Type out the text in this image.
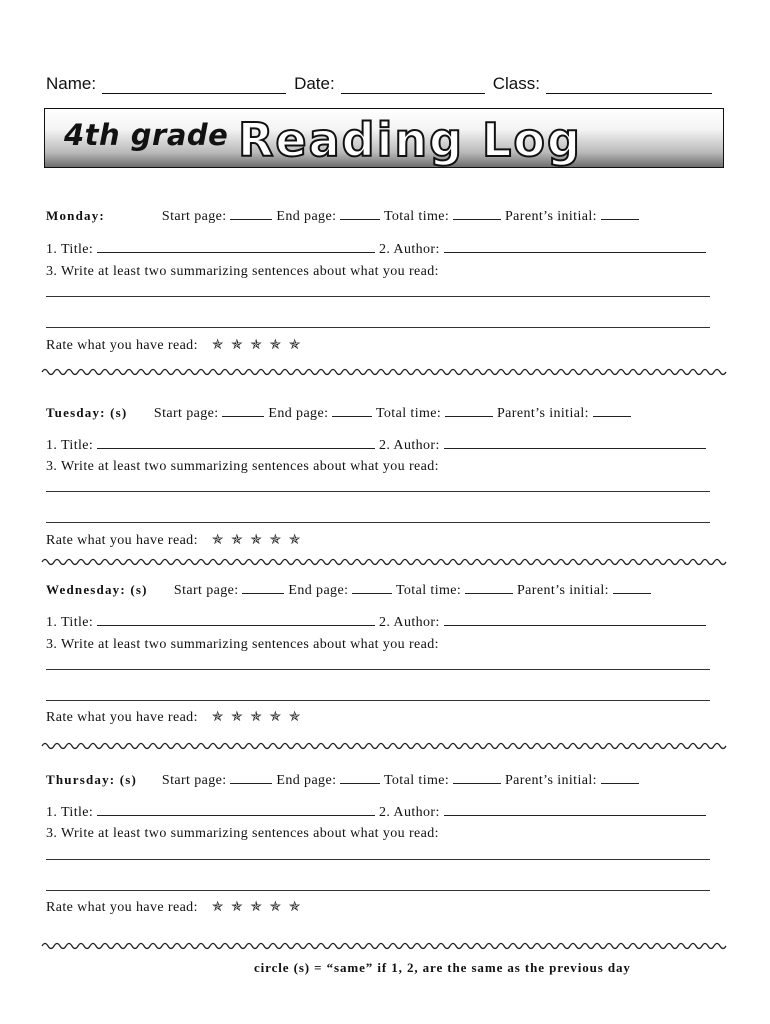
Name:	Date:	Class:
4th grade Reading Log
Monday:	Start page:	End page:	Total time:	Parent’s initial:
1. Title:	2. Author:
3. Write at least two summarizing sentences about what you read:
Rate what you have read: ✯ ✯ ✯ ✯ ✯
Tuesday: (s) Start page:	End page:	Total time:	Parent’s initial:
1. Title:	2. Author:
3. Write at least two summarizing sentences about what you read:
Rate what you have read: ✯ ✯ ✯ ✯ ✯
Wednesday: (s) Start page:	End page:	Total time:	Parent’s initial:
1. Title:	2. Author:
3. Write at least two summarizing sentences about what you read:
Rate what you have read: ✯ ✯ ✯ ✯ ✯
Thursday: (s) Start page:	End page:	Total time:	Parent’s initial:
1. Title:	2. Author:
3. Write at least two summarizing sentences about what you read:
Rate what you have read: ✯ ✯ ✯ ✯ ✯
circle (s) = “same” if 1, 2, are the same as the previous day
